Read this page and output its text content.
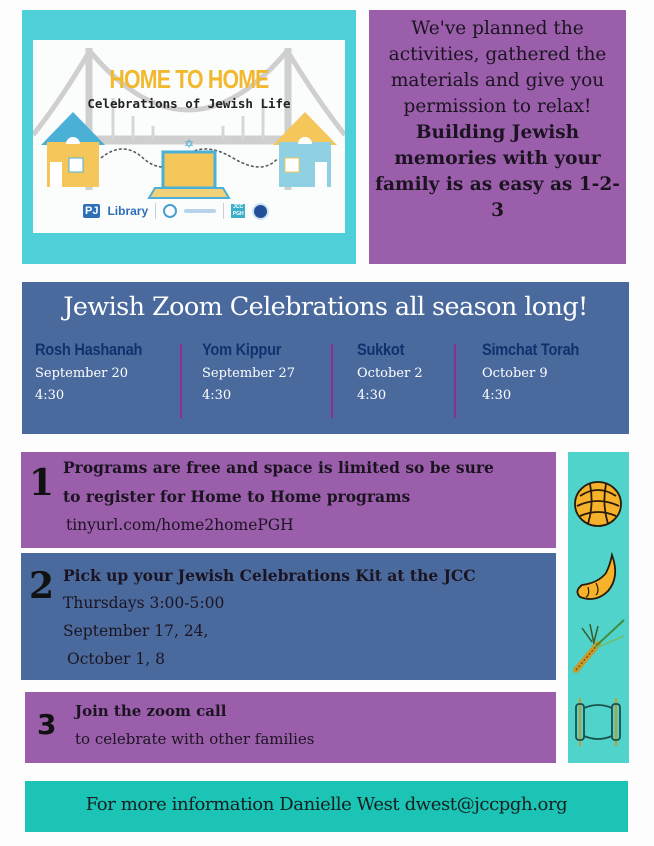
✡
HOME TO HOME
Celebrations of Jewish Life
PJ Library	JCC PGH
We've planned the
activities, gathered the
materials and give you
permission to relax!
Building Jewish
memories with your
family is as easy as 1-2-
3
Jewish Zoom Celebrations all season long!
Rosh Hashanah
September 20
4:30
Yom Kippur
September 27
4:30
Sukkot
October 2
4:30
Simchat Torah
October 9
4:30
1 Programs are free and space is limited so be sure
to register for Home to Home programs
tinyurl.com/home2homePGH
2 Pick up your Jewish Celebrations Kit at the JCC
Thursdays 3:00-5:00
September 17, 24,
October 1, 8
3 Join the zoom call
to celebrate with other families
For more information Danielle West dwest@jccpgh.org
